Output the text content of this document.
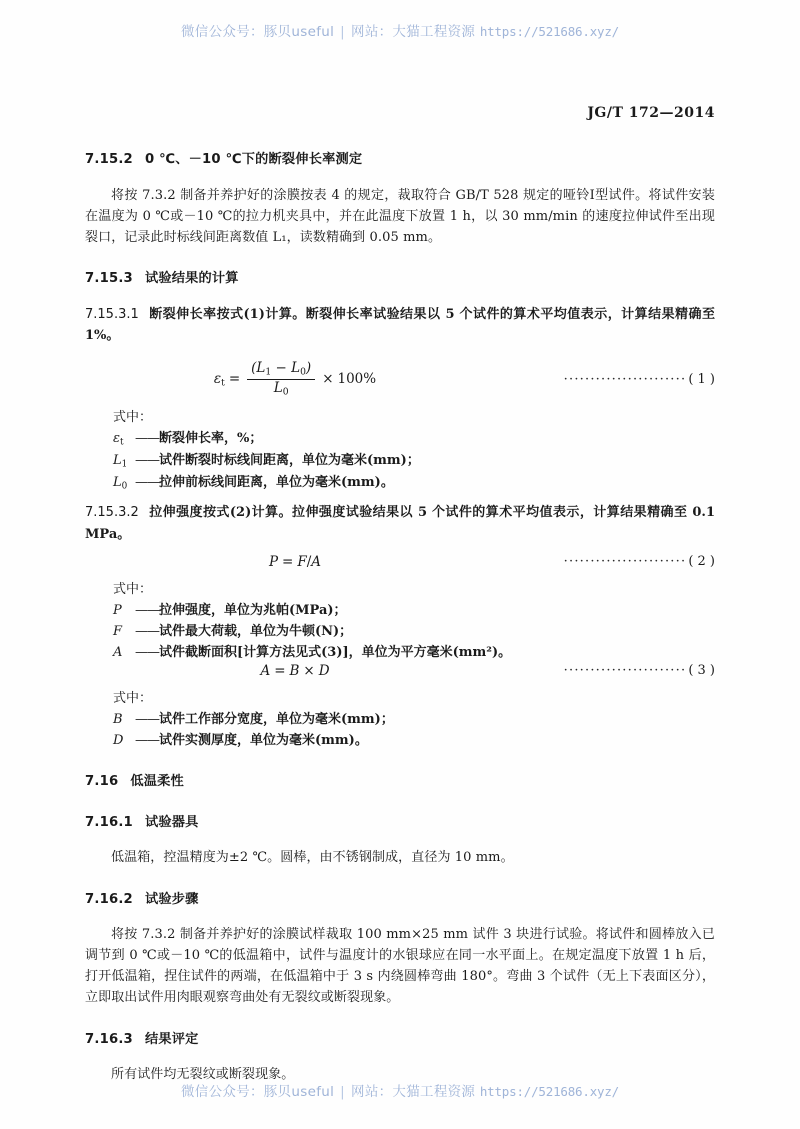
微信公众号：豚贝useful | 网站：大猫工程资源 https://521686.xyz/
JG/T 172—2014
7.15.2 0 ℃、－10 ℃下的断裂伸长率测定

将按 7.3.2 制备并养护好的涂膜按表 4 的规定，裁取符合 GB/T 528 规定的哑铃Ⅰ型试件。将试件安装在温度为 0 ℃或－10 ℃的拉力机夹具中，并在此温度下放置 1 h，以 30 mm/min 的速度拉伸试件至出现裂口，记录此时标线间距离数值 L₁，读数精确到 0.05 mm。

7.15.3 试验结果的计算

7.15.3.1 断裂伸长率按式(1)计算。断裂伸长率试验结果以 5 个试件的算术平均值表示，计算结果精确至 1%。

$\varepsilon_t = \frac{(L_1 - L_0)}{L_0} \times 100\%$	······················· ( 1 )
式中：
$\varepsilon_t$ ——断裂伸长率，%；
$L_1$ ——试件断裂时标线间距离，单位为毫米(mm)；
$L_0$ ——拉伸前标线间距离，单位为毫米(mm)。

7.15.3.2 拉伸强度按式(2)计算。拉伸强度试验结果以 5 个试件的算术平均值表示，计算结果精确至 0.1 MPa。

P = F / A	······················· ( 2 )
式中：
P ——拉伸强度，单位为兆帕(MPa)；
F ——试件最大荷载，单位为牛顿(N)；
A ——试件截断面积[计算方法见式(3)]，单位为平方毫米(mm²)。
A = B × D	······················· ( 3 )
式中：
B ——试件工作部分宽度，单位为毫米(mm)；
D ——试件实测厚度，单位为毫米(mm)。
7.16 低温柔性
7.16.1 试验器具

低温箱，控温精度为±2 ℃。圆棒，由不锈钢制成，直径为 10 mm。

7.16.2 试验步骤

将按 7.3.2 制备并养护好的涂膜试样裁取 100 mm×25 mm 试件 3 块进行试验。将试件和圆棒放入已调节到 0 ℃或－10 ℃的低温箱中，试件与温度计的水银球应在同一水平面上。在规定温度下放置 1 h 后，打开低温箱，捏住试件的两端，在低温箱中于 3 s 内绕圆棒弯曲 180°。弯曲 3 个试件（无上下表面区分），立即取出试件用肉眼观察弯曲处有无裂纹或断裂现象。

7.16.3 结果评定

所有试件均无裂纹或断裂现象。

微信公众号：豚贝useful | 网站：大猫工程资源 https://521686.xyz/
